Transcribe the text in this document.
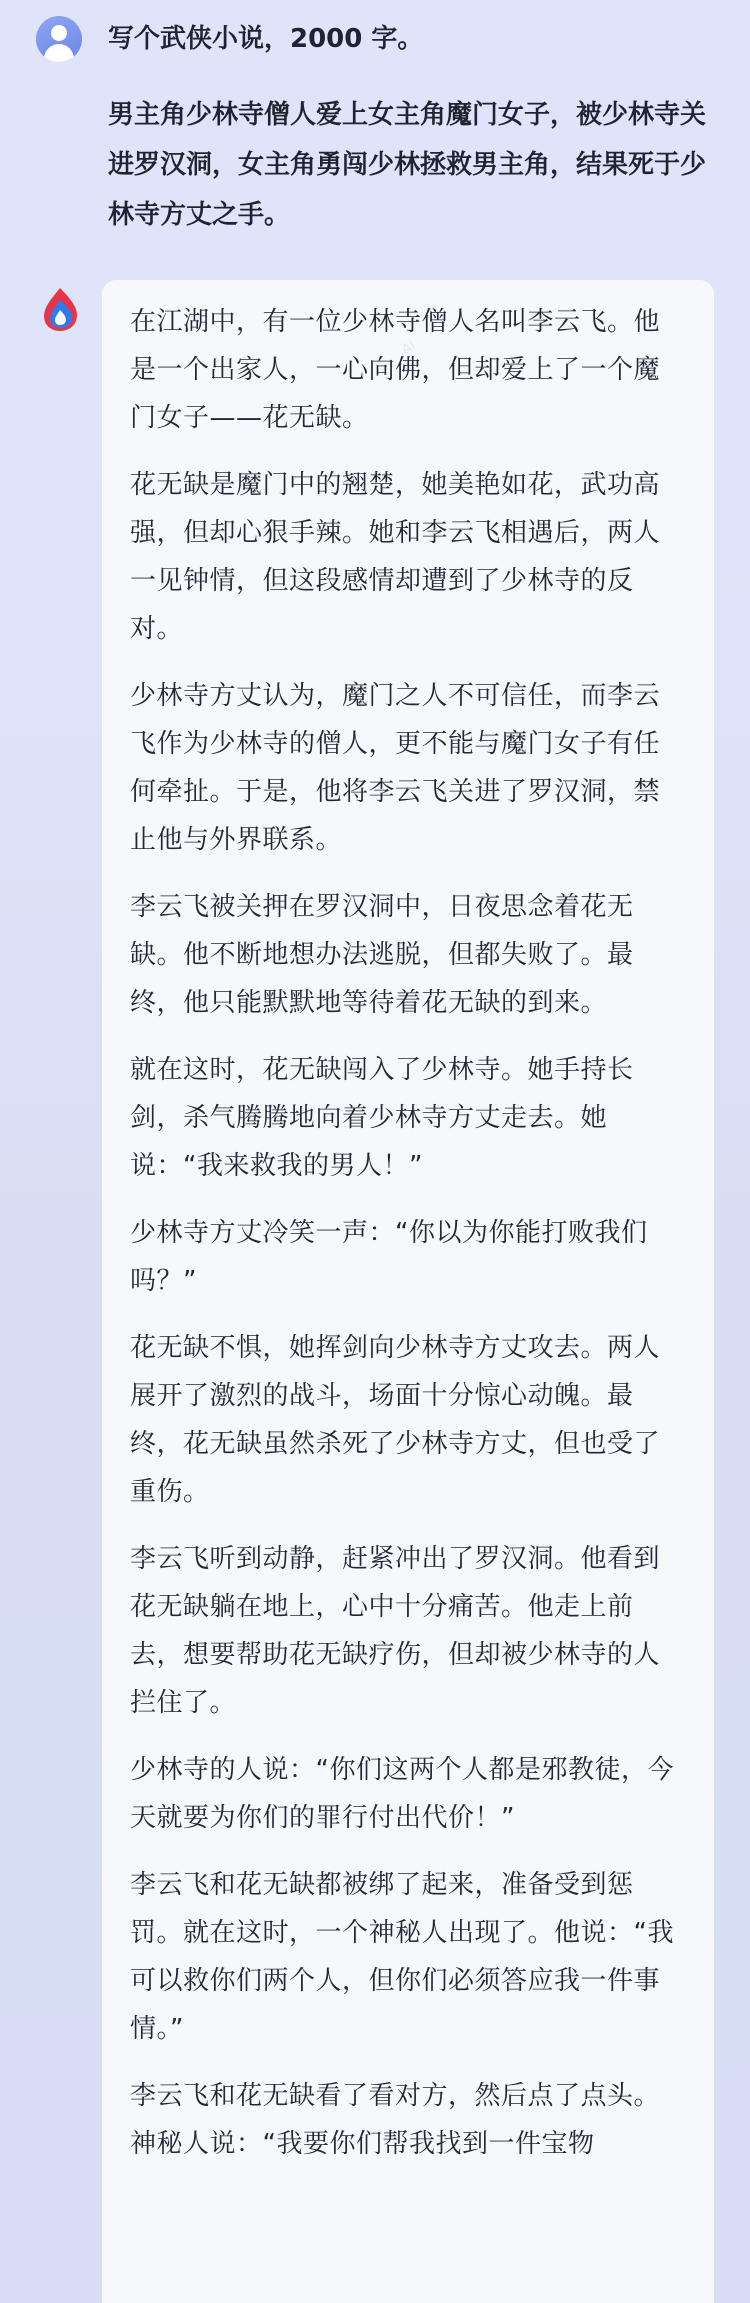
写个武侠小说，2000 字。

男主角少林寺僧人爱上女主角魔门女子，被少林寺关进罗汉洞，女主角勇闯少林拯救男主角，结果死于少林寺方丈之手。

在江湖中，有一位少林寺僧人名叫李云飞。他是一个出家人，一心向佛，但却爱上了一个魔门女子——花无缺。

花无缺是魔门中的翘楚，她美艳如花，武功高强，但却心狠手辣。她和李云飞相遇后，两人一见钟情，但这段感情却遭到了少林寺的反对。

少林寺方丈认为，魔门之人不可信任，而李云飞作为少林寺的僧人，更不能与魔门女子有任何牵扯。于是，他将李云飞关进了罗汉洞，禁止他与外界联系。

李云飞被关押在罗汉洞中，日夜思念着花无缺。他不断地想办法逃脱，但都失败了。最终，他只能默默地等待着花无缺的到来。

就在这时，花无缺闯入了少林寺。她手持长剑，杀气腾腾地向着少林寺方丈走去。她说：“我来救我的男人！”

少林寺方丈冷笑一声：“你以为你能打败我们吗？”

花无缺不惧，她挥剑向少林寺方丈攻去。两人展开了激烈的战斗，场面十分惊心动魄。最终，花无缺虽然杀死了少林寺方丈，但也受了重伤。

李云飞听到动静，赶紧冲出了罗汉洞。他看到花无缺躺在地上，心中十分痛苦。他走上前去，想要帮助花无缺疗伤，但却被少林寺的人拦住了。

少林寺的人说：“你们这两个人都是邪教徒，今天就要为你们的罪行付出代价！”

李云飞和花无缺都被绑了起来，准备受到惩罚。就在这时，一个神秘人出现了。他说：“我可以救你们两个人，但你们必须答应我一件事情。”

李云飞和花无缺看了看对方，然后点了点头。神秘人说：“我要你们帮我找到一件宝物

AI
